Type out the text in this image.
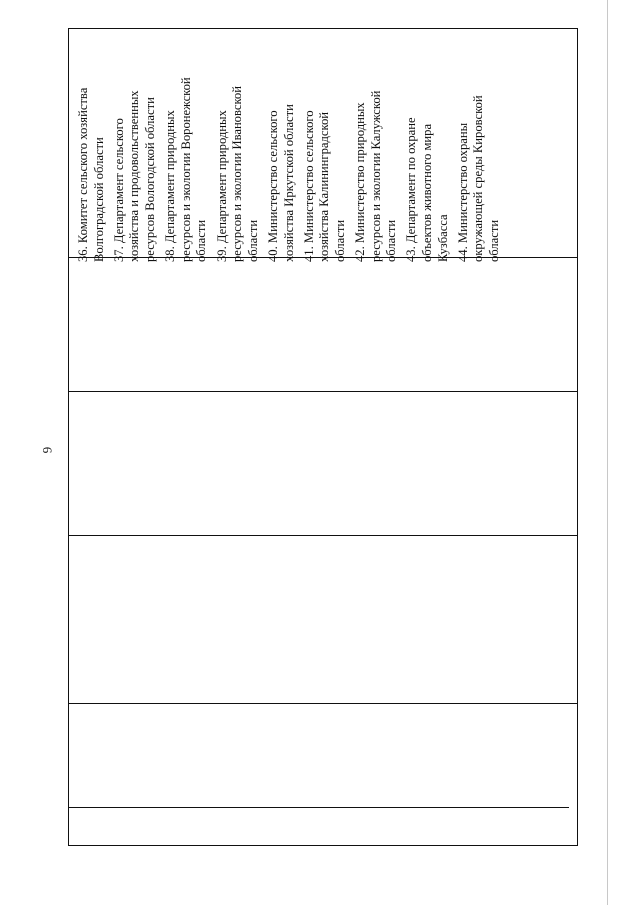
6
36. Комитет сельского хозяйства
Волгоградской области
37. Департамент сельского
хозяйства и продовольственных
ресурсов Вологодской области
38. Департамент природных
ресурсов и экологии Воронежской
области 39. Департамент природных
ресурсов и экологии Ивановской
области 40. Министерство сельского
хозяйства Иркутской области
41. Министерство сельского
хозяйства Калининградской
области 42. Министерство природных
ресурсов и экологии Калужской
области 43. Департамент по охране
объектов животного мира
Кузбасса 44. Министерство охраны
окружающей среды Кировской
области
